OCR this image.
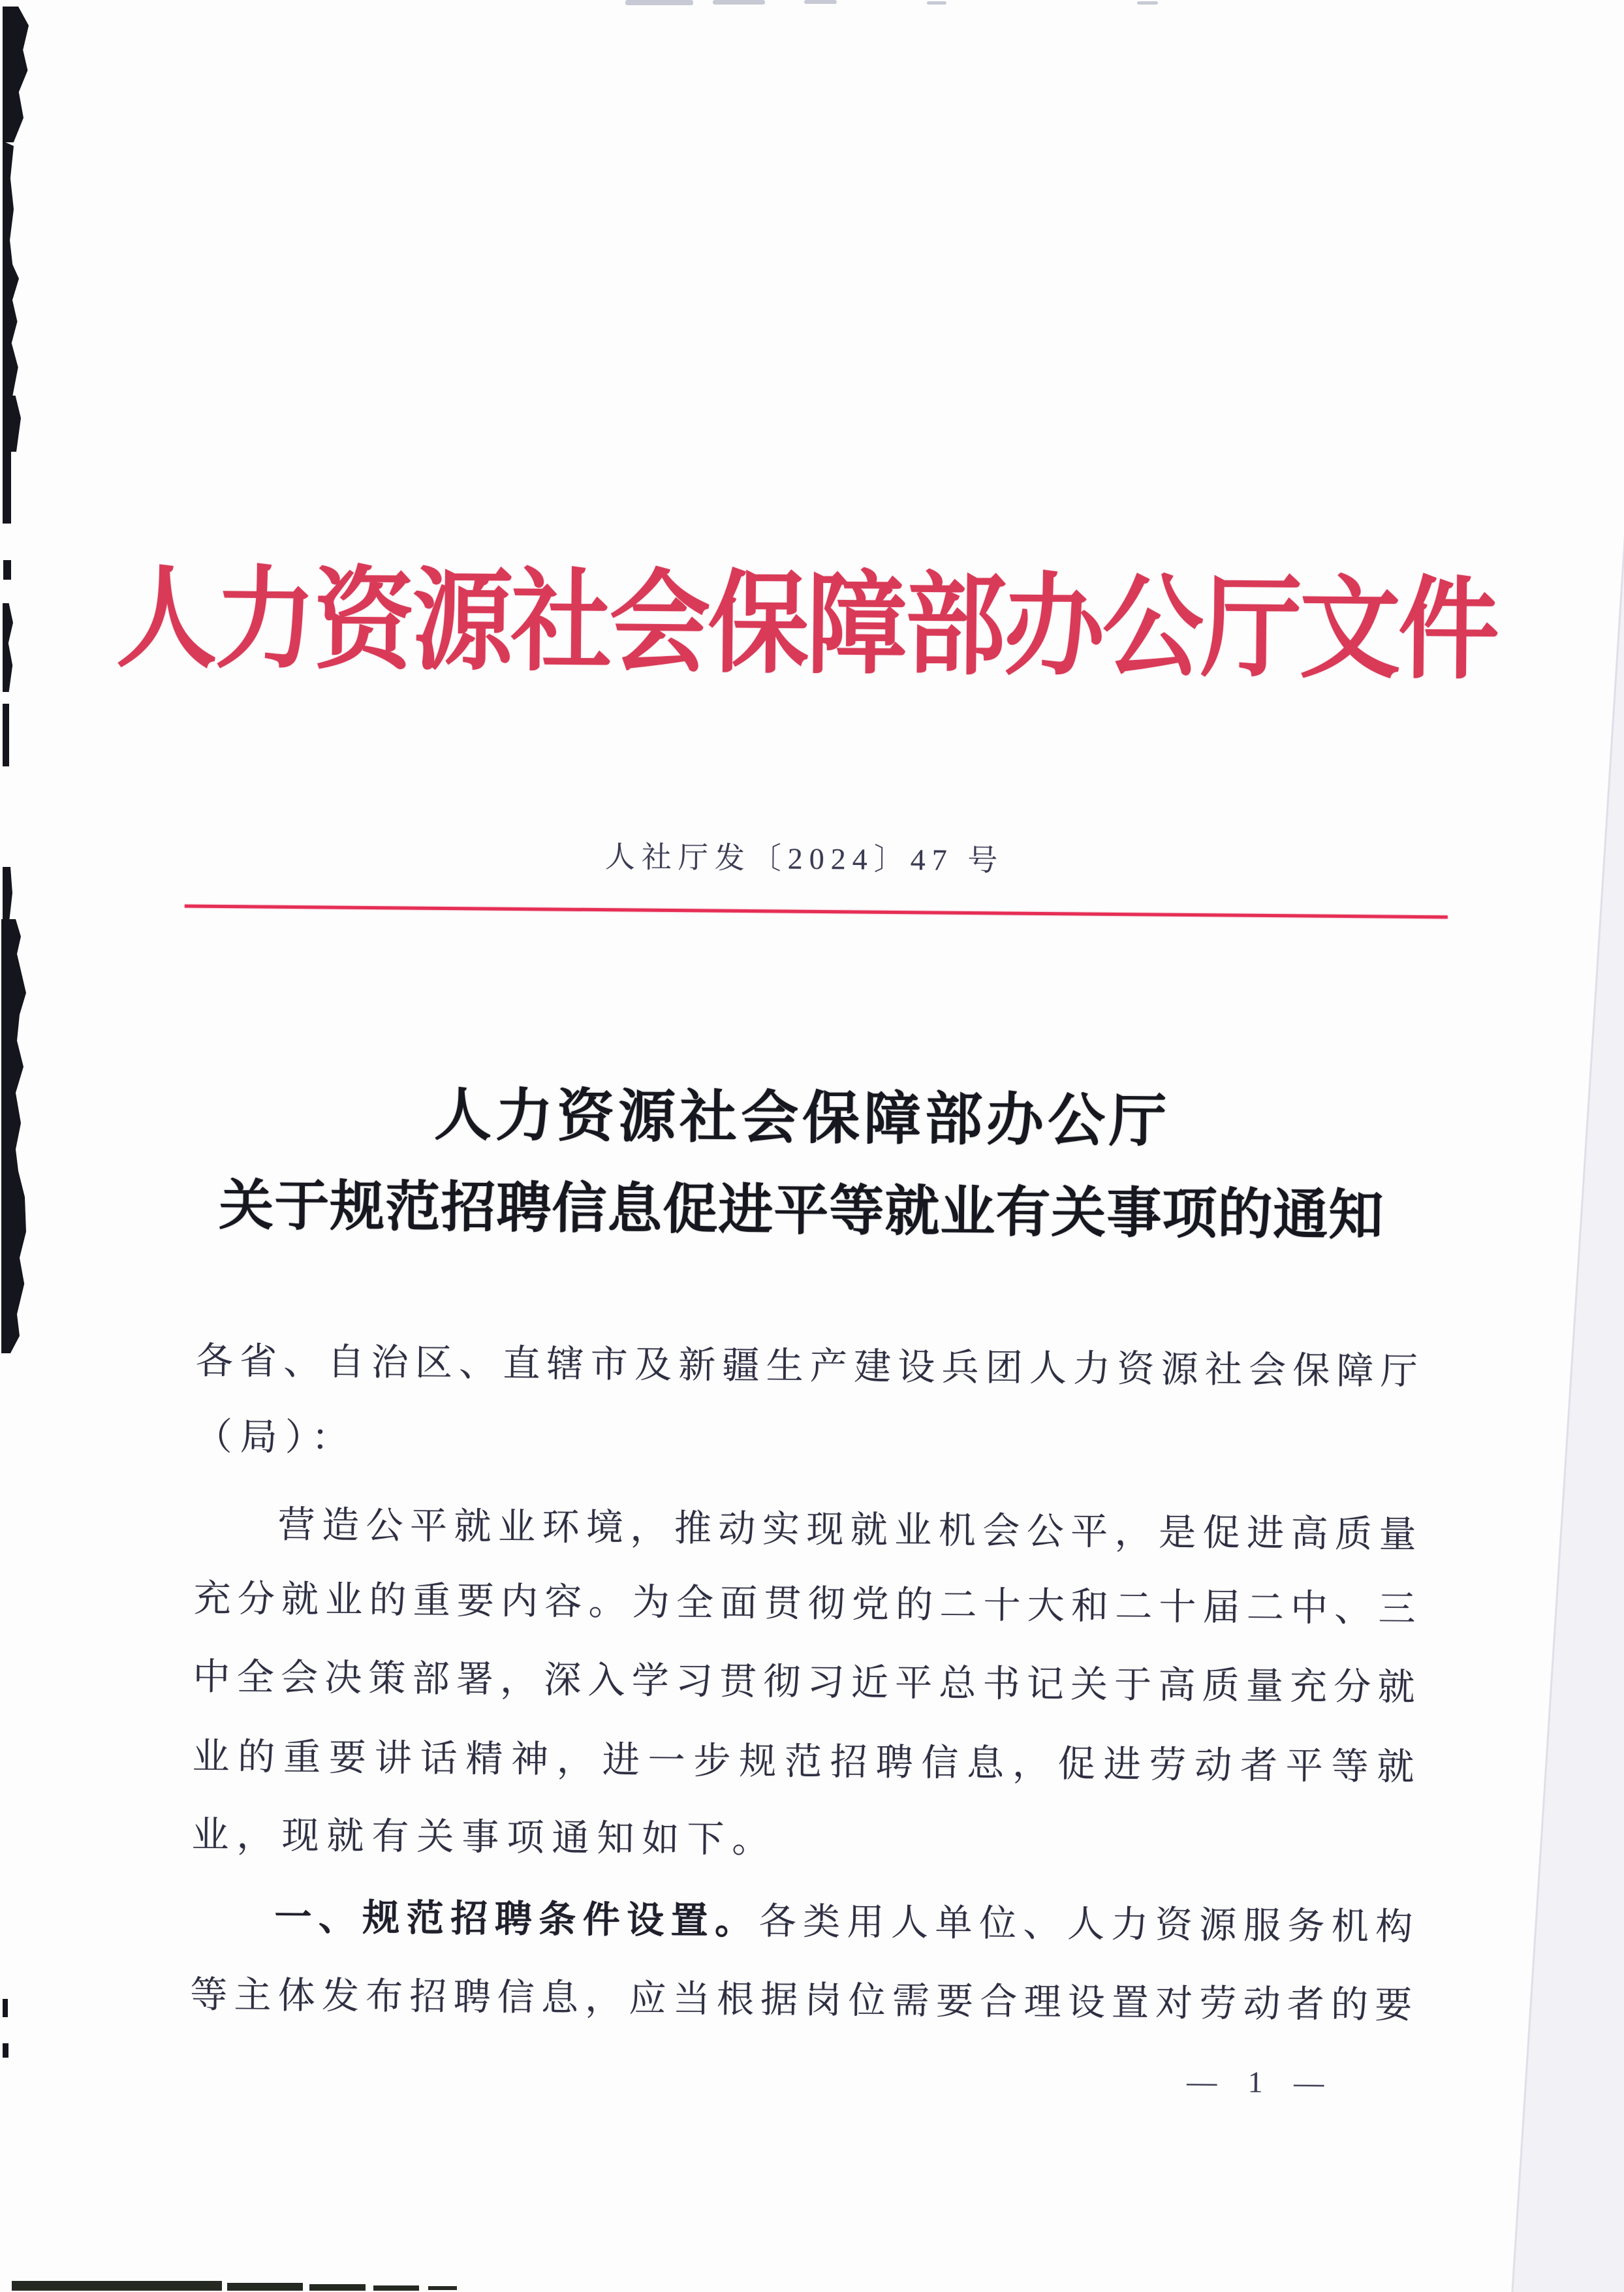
人力资源社会保障部办公厅文件
人社厅发〔2024〕47 号
人力资源社会保障部办公厅
关于规范招聘信息促进平等就业有关事项的通知
各省、自治区、直辖市及新疆生产建设兵团人力资源社会保障厅
（局）：
营造公平就业环境，推动实现就业机会公平，是促进高质量
充分就业的重要内容。为全面贯彻党的二十大和二十届二中、三
中全会决策部署，深入学习贯彻习近平总书记关于高质量充分就
业的重要讲话精神，进一步规范招聘信息，促进劳动者平等就
业，现就有关事项通知如下。
一、规范招聘条件设置。各类用人单位、人力资源服务机构
等主体发布招聘信息，应当根据岗位需要合理设置对劳动者的要
— 1 —
